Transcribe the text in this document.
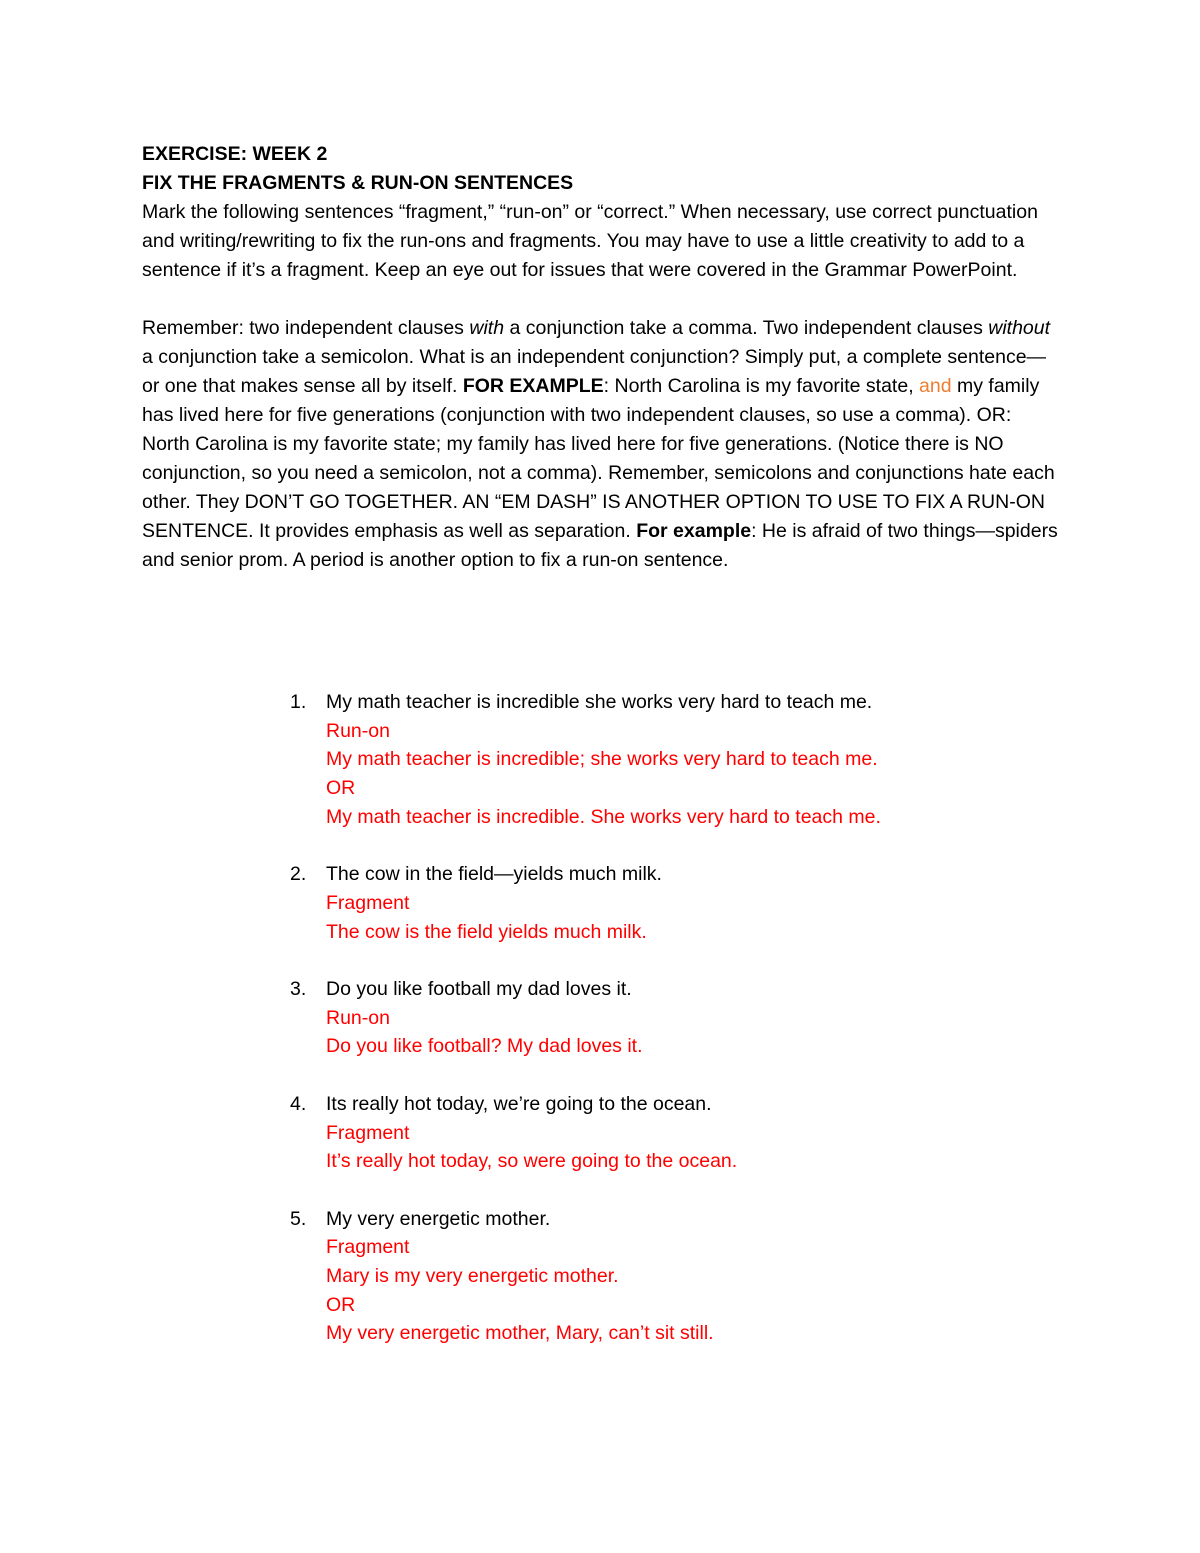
EXERCISE: WEEK 2
FIX THE FRAGMENTS & RUN-ON SENTENCES

Mark the following sentences “fragment,” “run-on” or “correct.” When necessary, use correct punctuation and writing/rewriting to fix the run-ons and fragments. You may have to use a little creativity to add to a sentence if it’s a fragment. Keep an eye out for issues that were covered in the Grammar PowerPoint.

Remember: two independent clauses with a conjunction take a comma. Two independent clauses without a conjunction take a semicolon. What is an independent conjunction? Simply put, a complete sentence—or one that makes sense all by itself. FOR EXAMPLE: North Carolina is my favorite state, and my family has lived here for five generations (conjunction with two independent clauses, so use a comma). OR: North Carolina is my favorite state; my family has lived here for five generations. (Notice there is NO conjunction, so you need a semicolon, not a comma). Remember, semicolons and conjunctions hate each other. They DON’T GO TOGETHER. AN “EM DASH” IS ANOTHER OPTION TO USE TO FIX A RUN-ON SENTENCE. It provides emphasis as well as separation. For example: He is afraid of two things—spiders and senior prom. A period is another option to fix a run-on sentence.

1. My math teacher is incredible she works very hard to teach me.
Run-on
My math teacher is incredible; she works very hard to teach me.
OR
My math teacher is incredible. She works very hard to teach me.
2. The cow in the field—yields much milk.
Fragment
The cow is the field yields much milk.
3. Do you like football my dad loves it.
Run-on
Do you like football? My dad loves it.
4. Its really hot today, we’re going to the ocean.
Fragment
It’s really hot today, so were going to the ocean.
5. My very energetic mother.
Fragment
Mary is my very energetic mother.
OR
My very energetic mother, Mary, can’t sit still.
